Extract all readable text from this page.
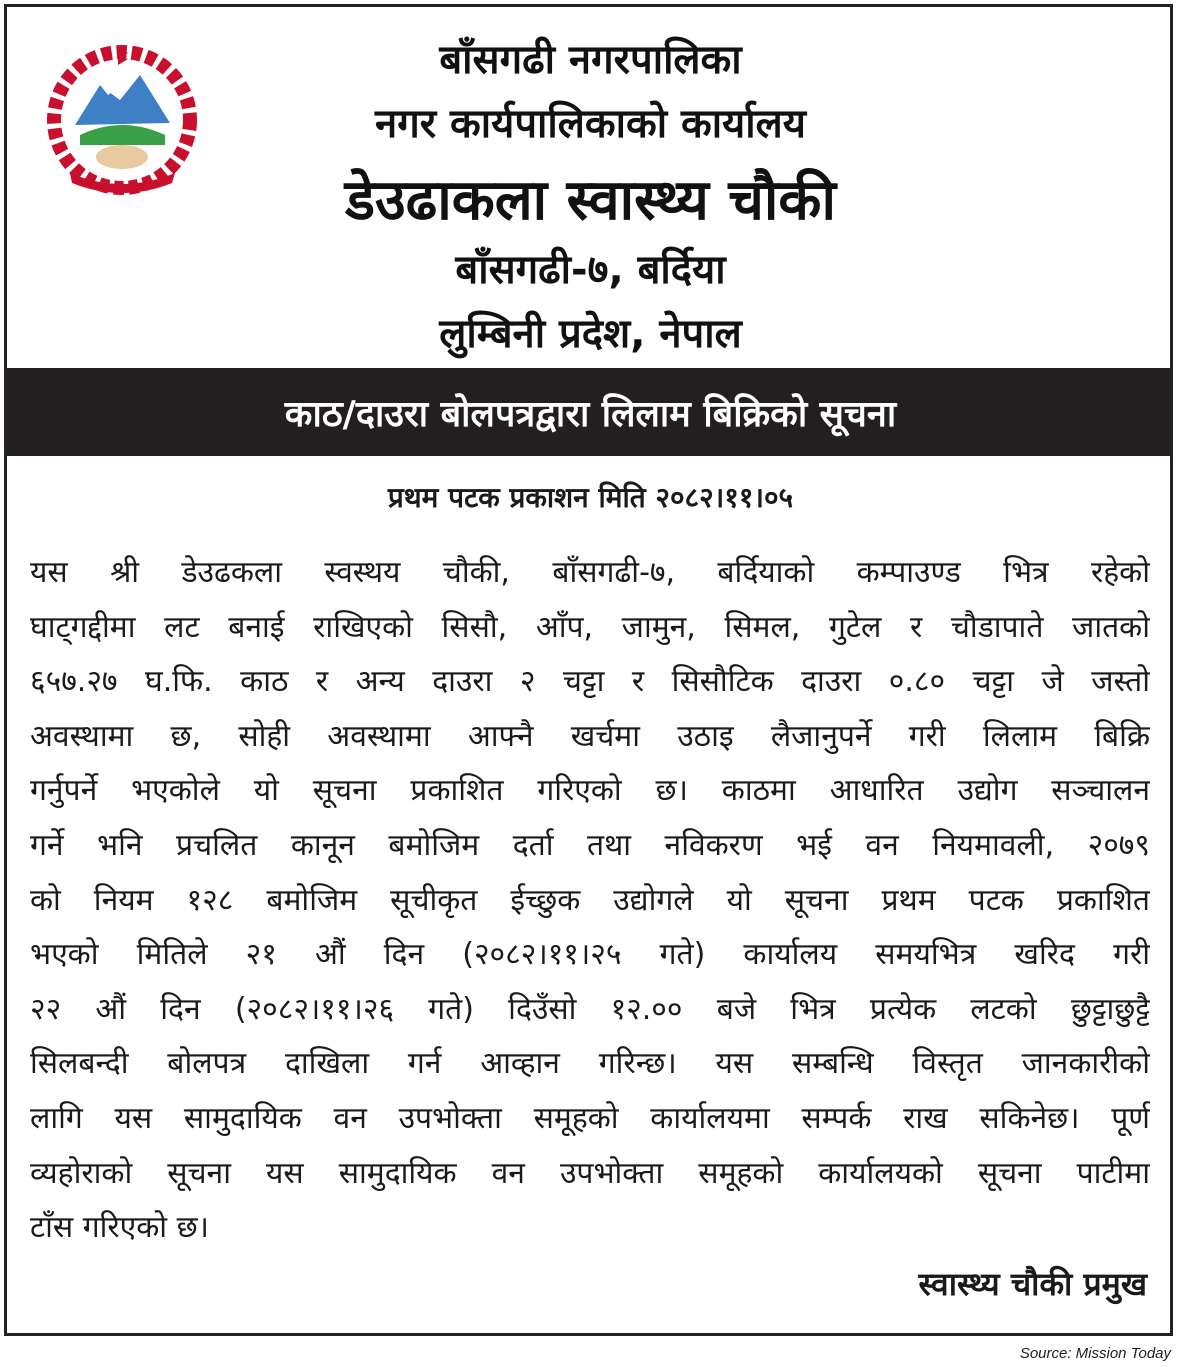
बाँसगढी नगरपालिका
नगर कार्यपालिकाको कार्यालय
डेउढाकला स्वास्थ्य चौकी
बाँसगढी-७, बर्दिया
लुम्बिनी प्रदेश, नेपाल
काठ/दाउरा बोलपत्रद्वारा लिलाम बिक्रिको सूचना
प्रथम पटक प्रकाशन मिति २०८२।११।०५
यस श्री डेउढकला स्वस्थय चौकी, बाँसगढी-७, बर्दियाको कम्पाउण्ड भित्र रहेको
घाट्गद्दीमा लट बनाई राखिएको सिसौ, आँप, जामुन, सिमल, गुटेल र चौडापाते जातको
६५७.२७ घ.फि. काठ र अन्य दाउरा २ चट्टा र सिसौटिक दाउरा ०.८० चट्टा जे जस्तो
अवस्थामा छ, सोही अवस्थामा आफ्नै खर्चमा उठाइ लैजानुपर्ने गरी लिलाम बिक्रि
गर्नुपर्ने भएकोले यो सूचना प्रकाशित गरिएको छ। काठमा आधारित उद्योग सञ्चालन
गर्ने भनि प्रचलित कानून बमोजिम दर्ता तथा नविकरण भई वन नियमावली, २०७९
को नियम १२८ बमोजिम सूचीकृत ईच्छुक उद्योगले यो सूचना प्रथम पटक प्रकाशित
भएको मितिले २१ औं दिन (२०८२।११।२५ गते) कार्यालय समयभित्र खरिद गरी
२२ औं दिन (२०८२।११।२६ गते) दिउँसो १२.०० बजे भित्र प्रत्येक लटको छुट्टाछुट्टै
सिलबन्दी बोलपत्र दाखिला गर्न आव्हान गरिन्छ। यस सम्बन्धि विस्तृत जानकारीको
लागि यस सामुदायिक वन उपभोक्ता समूहको कार्यालयमा सम्पर्क राख सकिनेछ। पूर्ण
व्यहोराको सूचना यस सामुदायिक वन उपभोक्ता समूहको कार्यालयको सूचना पाटीमा
टाँस गरिएको छ।
स्वास्थ्य चौकी प्रमुख
Source: Mission Today
